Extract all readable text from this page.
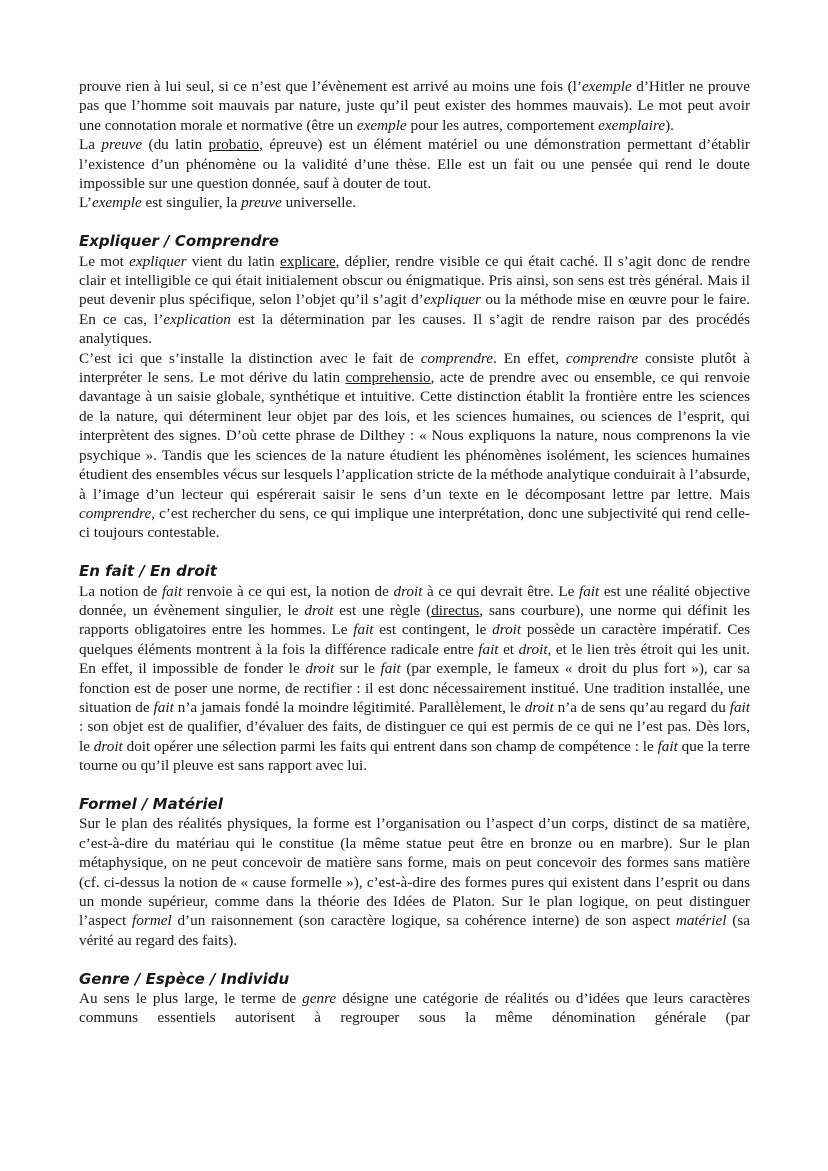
prouve rien à lui seul, si ce n’est que l’évènement est arrivé au moins une fois (l’exemple d’Hitler ne prouve pas que l’homme soit mauvais par nature, juste qu’il peut exister des hommes mauvais). Le mot peut avoir une connotation morale et normative (être un exemple pour les autres, comportement exemplaire).

La preuve (du latin probatio, épreuve) est un élément matériel ou une démonstration permettant d’établir l’existence d’un phénomène ou la validité d’une thèse. Elle est un fait ou une pensée qui rend le doute impossible sur une question donnée, sauf à douter de tout.

L’exemple est singulier, la preuve universelle.

Expliquer / Comprendre

Le mot expliquer vient du latin explicare, déplier, rendre visible ce qui était caché. Il s’agit donc de rendre clair et intelligible ce qui était initialement obscur ou énigmatique. Pris ainsi, son sens est très général. Mais il peut devenir plus spécifique, selon l’objet qu’il s’agit d’expliquer ou la méthode mise en œuvre pour le faire. En ce cas, l’explication est la détermination par les causes. Il s’agit de rendre raison par des procédés analytiques.

C’est ici que s’installe la distinction avec le fait de comprendre. En effet, comprendre consiste plutôt à interpréter le sens. Le mot dérive du latin comprehensio, acte de prendre avec ou ensemble, ce qui renvoie davantage à un saisie globale, synthétique et intuitive. Cette distinction établit la frontière entre les sciences de la nature, qui déterminent leur objet par des lois, et les sciences humaines, ou sciences de l’esprit, qui interprètent des signes. D’où cette phrase de Dilthey : « Nous expliquons la nature, nous comprenons la vie psychique ». Tandis que les sciences de la nature étudient les phénomènes isolément, les sciences humaines étudient des ensembles vécus sur lesquels l’application stricte de la méthode analytique conduirait à l’absurde, à l’image d’un lecteur qui espérerait saisir le sens d’un texte en le décomposant lettre par lettre. Mais comprendre, c’est rechercher du sens, ce qui implique une interprétation, donc une subjectivité qui rend celle-ci toujours contestable.

En fait / En droit

La notion de fait renvoie à ce qui est, la notion de droit à ce qui devrait être. Le fait est une réalité objective donnée, un évènement singulier, le droit est une règle (directus, sans courbure), une norme qui définit les rapports obligatoires entre les hommes. Le fait est contingent, le droit possède un caractère impératif. Ces quelques éléments montrent à la fois la différence radicale entre fait et droit, et le lien très étroit qui les unit. En effet, il impossible de fonder le droit sur le fait (par exemple, le fameux « droit du plus fort »), car sa fonction est de poser une norme, de rectifier : il est donc nécessairement institué. Une tradition installée, une situation de fait n’a jamais fondé la moindre légitimité. Parallèlement, le droit n’a de sens qu’au regard du fait : son objet est de qualifier, d’évaluer des faits, de distinguer ce qui est permis de ce qui ne l’est pas. Dès lors, le droit doit opérer une sélection parmi les faits qui entrent dans son champ de compétence : le fait que la terre tourne ou qu’il pleuve est sans rapport avec lui.

Formel / Matériel

Sur le plan des réalités physiques, la forme est l’organisation ou l’aspect d’un corps, distinct de sa matière, c’est-à-dire du matériau qui le constitue (la même statue peut être en bronze ou en marbre). Sur le plan métaphysique, on ne peut concevoir de matière sans forme, mais on peut concevoir des formes sans matière (cf. ci-dessus la notion de « cause formelle »), c’est-à-dire des formes pures qui existent dans l’esprit ou dans un monde supérieur, comme dans la théorie des Idées de Platon. Sur le plan logique, on peut distinguer l’aspect formel d’un raisonnement (son caractère logique, sa cohérence interne) de son aspect matériel (sa vérité au regard des faits).

Genre / Espèce / Individu

Au sens le plus large, le terme de genre désigne une catégorie de réalités ou d’idées que leurs caractères communs essentiels autorisent à regrouper sous la même dénomination générale (par
